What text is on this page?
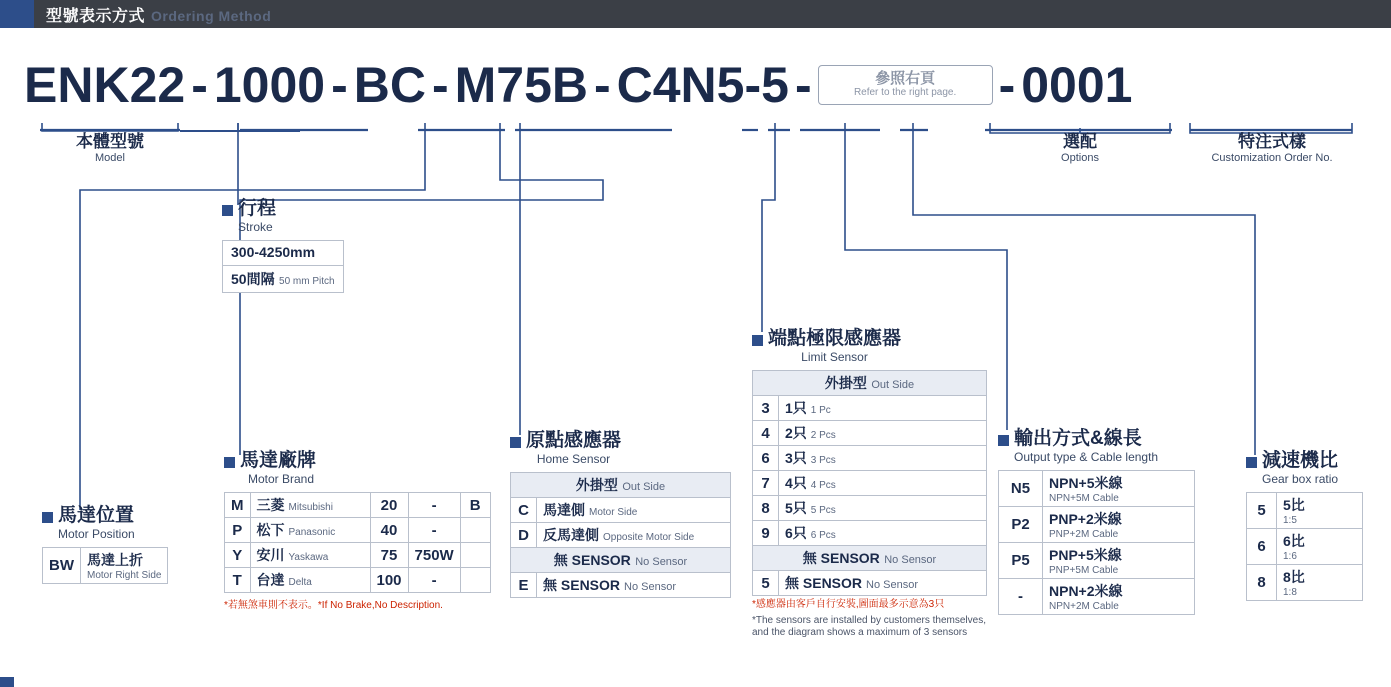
型號表示方式 Ordering Method
ENK22 - 1000 - BC - M75B - C4N5-5 -	參照右頁
Refer to the right page. - 0001
本體型號
Model
選配
Options
特注式樣
Customization Order No.
行程
Stroke
300-4250mm
50間隔 50 mm Pitch
馬達位置
Motor Position
BW	馬達上折
Motor Right Side
馬達廠牌
Motor Brand
M	三菱 Mitsubishi	20	-	B

P	松下 Panasonic	40	-	

Y	安川 Yaskawa	75	750W	

T	台達 Delta	100	-	

*若無煞車則不表示。*If No Brake,No Description.
原點感應器
Home Sensor
外掛型 Out Side	

C	馬達側 Motor Side

D	反馬達側 Opposite Motor Side

無 SENSOR No Sensor	

E	無 SENSOR No Sensor
端點極限感應器
Limit Sensor
外掛型 Out Side	

3	1只 1 Pc

4	2只 2 Pcs

6	3只 3 Pcs

7	4只 4 Pcs

8	5只 5 Pcs

9	6只 6 Pcs

無 SENSOR No Sensor	

5	無 SENSOR No Sensor
*感應器由客戶自行安裝,圖面最多示意為3只
*The sensors are installed by customers themselves, and the diagram shows a maximum of 3 sensors
輸出方式&線長
Output type & Cable length
N5	NPN+5米線
NPN+5M Cable

P2	PNP+2米線
PNP+2M Cable

P5	PNP+5米線
PNP+5M Cable

-	NPN+2米線
NPN+2M Cable
減速機比
Gear box ratio
5	5比
1:5

6	6比
1:6

8	8比
1:8
